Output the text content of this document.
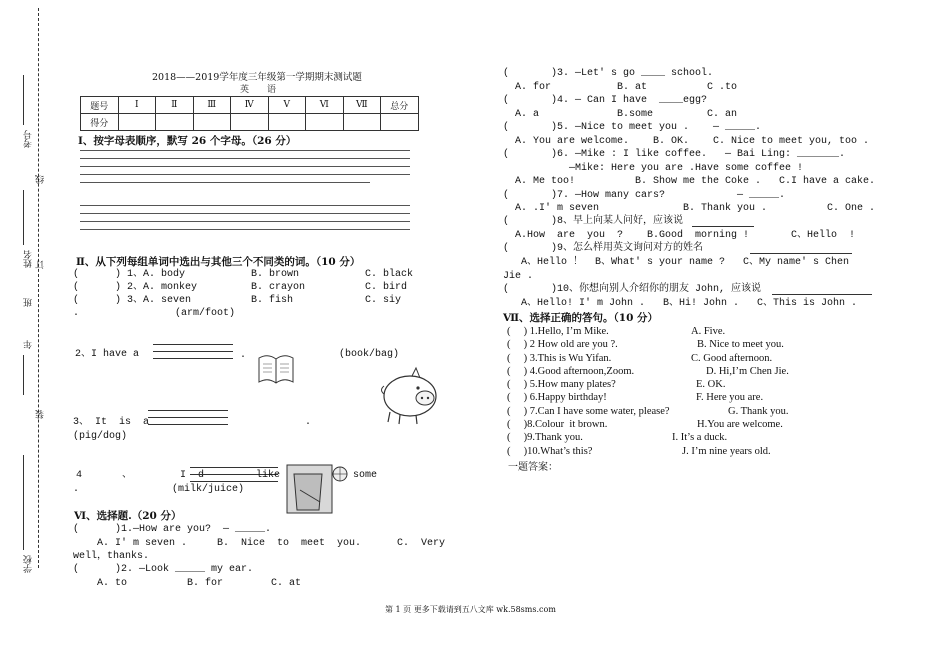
考号
线
姓名 订
班
年
装
学校
2018——2019学年度三年级第一学期期末测试题
英　　语
题号	Ⅰ	Ⅱ	Ⅲ	Ⅳ	Ⅴ	Ⅵ	Ⅶ	总分
得分								
Ⅰ、按字母表顺序，默写 26 个字母。（26 分）
Ⅱ、从下列每组单词中选出与其他三个不同类的词。（10 分）
(      ) 1、A. body           B. brown           C. black
(      ) 2、A. monkey         B. crayon          C. bird
(      ) 3、A. seven          B. fish            C. siy
.                (arm/foot)
2、I have a	.	(book/bag)
3、 It  is  a	.
(pig/dog)
4	、	I d	like	some
.	(milk/juice)
Ⅵ、选择题.（20 分）
(      )1.—How are you?  — _____.
A. I' m seven .     B.  Nice  to  meet  you.      C.  Very
well，thanks.
(      )2. —Look _____ my ear.
A. to          B. for        C. at
(       )3. —Let' s go ____ school.
A. for           B. at          C .to
(       )4. — Can I have  ____egg?
A. a             B.some         C. an
(       )5. —Nice to meet you .    — _____.
A. You are welcome.    B. OK.    C. Nice to meet you, too .
(       )6. —Mike : I like coffee.   — Bai Ling: _______.
—Mike: Here you are .Have some coffee !
A. Me too!          B. Show me the Coke .   C.I have a cake.
(       )7. —How many cars?            — _____.
A. .I' m seven              B. Thank you .          C. One .
(       )8、早上向某人问好，应该说
A.How  are  you  ?    B.Good  morning !       C、Hello  !
(       )9、怎么样用英文询问对方的姓名
A、Hello ！  B、What' s your name ?   C、My name' s Chen
Jie .
(       )10、你想向别人介绍你的朋友 John, 应该说
A、Hello! I' m John .   B、Hi! John .   C、This is John .
Ⅶ、选择正确的答句。（10 分）
(     ) 1.Hello, I’m Mike.	A. Five.
(     ) 2 How old are you ?.	B. Nice to meet you.
(     ) 3.This is Wu Yifan.	C. Good afternoon.
(     ) 4.Good afternoon,Zoom.	D. Hi,I’m Chen Jie.
(     ) 5.How many plates?	E. OK.
(     ) 6.Happy birthday!	F. Here you are.
(     ) 7.Can I have some water, please?	G. Thank you.
(     )8.Colour  it brown.	H.You are welcome.
(     )9.Thank you.	I. It’s a duck.
(     )10.What’s this?	J. I’m nine years old.
一题答案：
第 1 页 更多下载请到五八文库 wk.58sms.com
